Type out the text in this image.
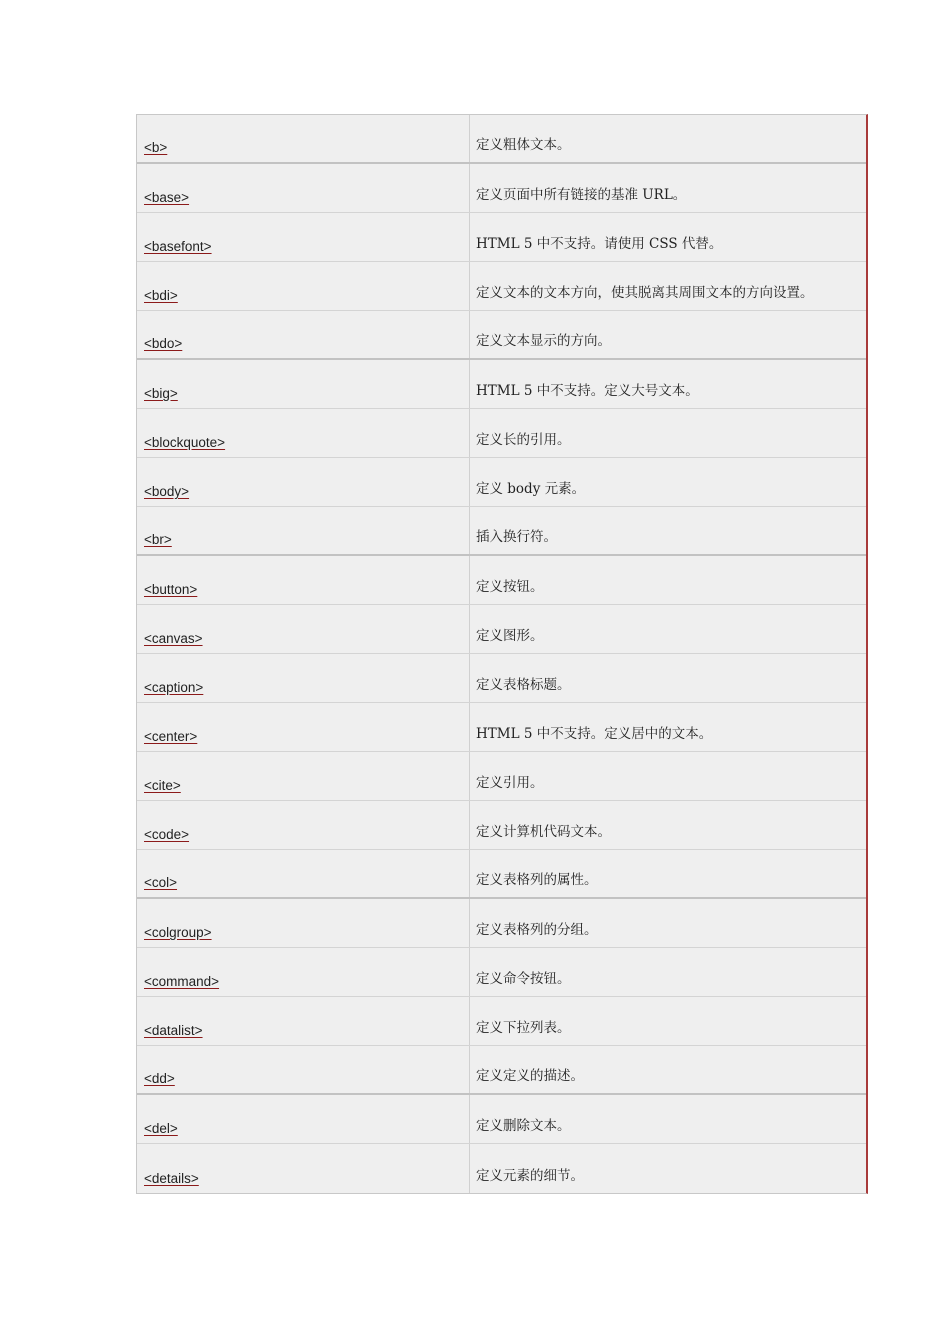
<b>	定义粗体文本。
<base>	定义页面中所有链接的基准 URL。
<basefont>	HTML 5 中不支持。请使用 CSS 代替。
<bdi>	定义文本的文本方向，使其脱离其周围文本的方向设置。
<bdo>	定义文本显示的方向。
<big>	HTML 5 中不支持。定义大号文本。
<blockquote>	定义长的引用。
<body>	定义 body 元素。
<br>	插入换行符。
<button>	定义按钮。
<canvas>	定义图形。
<caption>	定义表格标题。
<center>	HTML 5 中不支持。定义居中的文本。
<cite>	定义引用。
<code>	定义计算机代码文本。
<col>	定义表格列的属性。
<colgroup>	定义表格列的分组。
<command>	定义命令按钮。
<datalist>	定义下拉列表。
<dd>	定义定义的描述。
<del>	定义删除文本。
<details>	定义元素的细节。
